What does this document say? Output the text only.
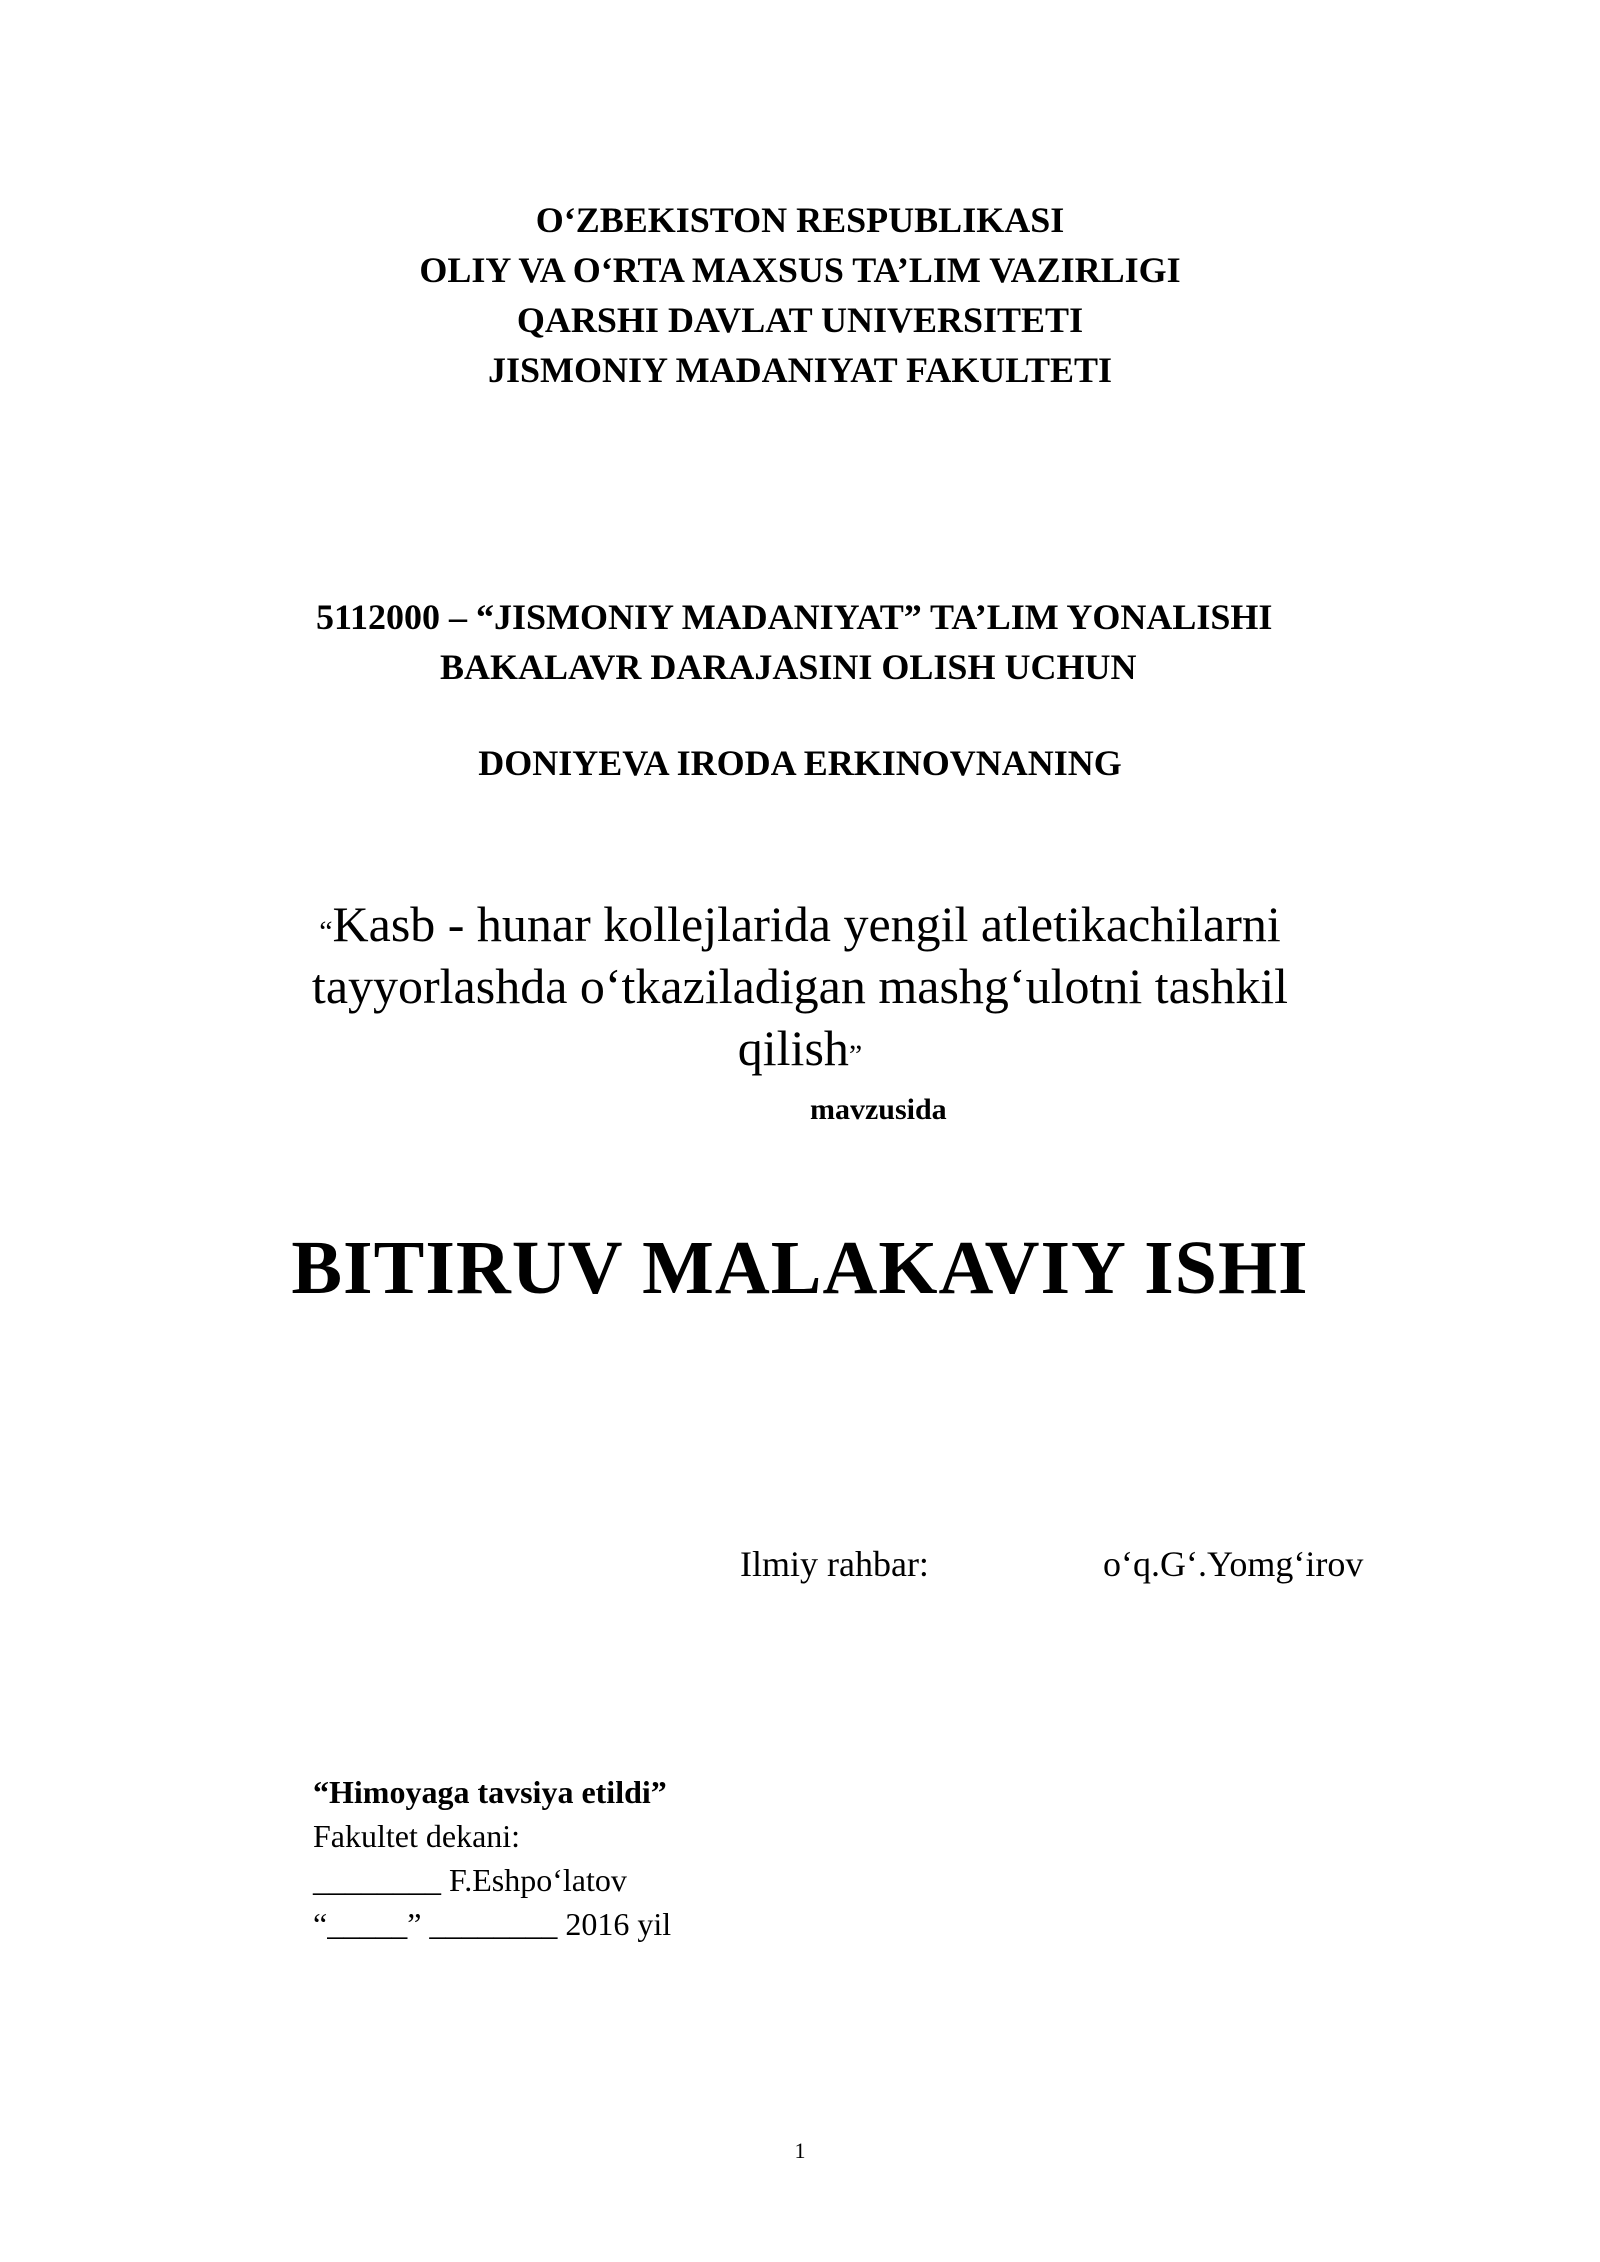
O‘ZBEKISTON RESPUBLIKASI
OLIY VA O‘RTA MAXSUS TA’LIM VAZIRLIGI
QARSHI DAVLAT UNIVERSITETI
JISMONIY MADANIYAT FAKULTETI
5112000 – “JISMONIY MADANIYAT” TA’LIM YONALISHI
BAKALAVR DARAJASINI OLISH UCHUN
DONIYEVA IRODA ERKINOVNANING
“Kasb - hunar kollejlarida yengil atletikachilarni
tayyorlashda o‘tkaziladigan mashg‘ulotni tashkil
qilish”
mavzusida
BITIRUV MALAKAVIY ISHI
Ilmiy rahbar:	o‘q.G‘.Yomg‘irov
“Himoyaga tavsiya etildi”
Fakultet dekani:
________ F.Eshpo‘latov
“_____” ________ 2016 yil
1
